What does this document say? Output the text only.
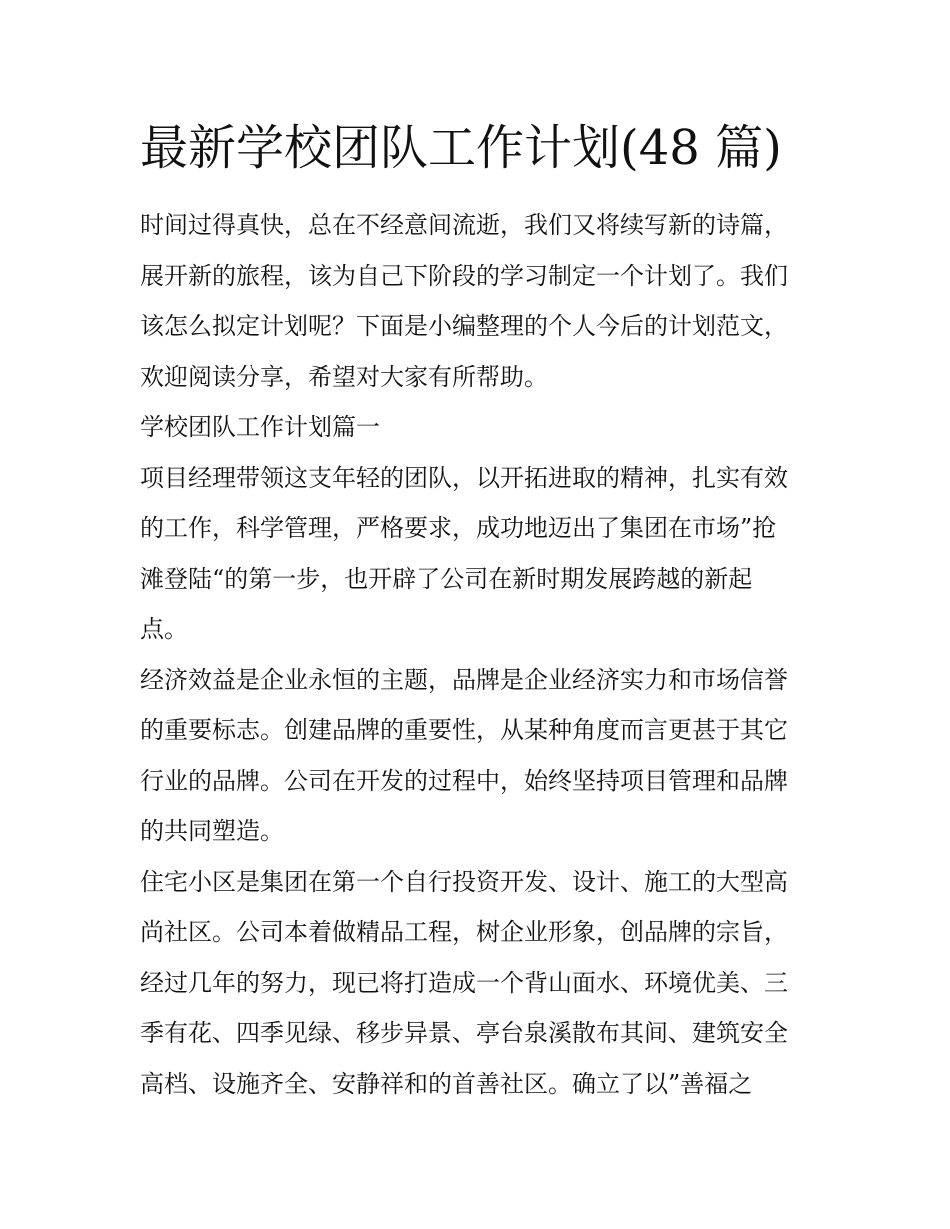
最新学校团队工作计划(48 篇)

时间过得真快，总在不经意间流逝，我们又将续写新的诗篇，
展开新的旅程，该为自己下阶段的学习制定一个计划了。我们
该怎么拟定计划呢？下面是小编整理的个人今后的计划范文，
欢迎阅读分享，希望对大家有所帮助。

学校团队工作计划篇一

项目经理带领这支年轻的团队，以开拓进取的精神，扎实有效
的工作，科学管理，严格要求，成功地迈出了集团在市场”抢
滩登陆“的第一步，也开辟了公司在新时期发展跨越的新起
点。

经济效益是企业永恒的主题，品牌是企业经济实力和市场信誉
的重要标志。创建品牌的重要性，从某种角度而言更甚于其它
行业的品牌。公司在开发的过程中，始终坚持项目管理和品牌
的共同塑造。

住宅小区是集团在第一个自行投资开发、设计、施工的大型高
尚社区。公司本着做精品工程，树企业形象，创品牌的宗旨，
经过几年的努力，现已将打造成一个背山面水、环境优美、三
季有花、四季见绿、移步异景、亭台泉溪散布其间、建筑安全
高档、设施齐全、安静祥和的首善社区。确立了以”善福之
